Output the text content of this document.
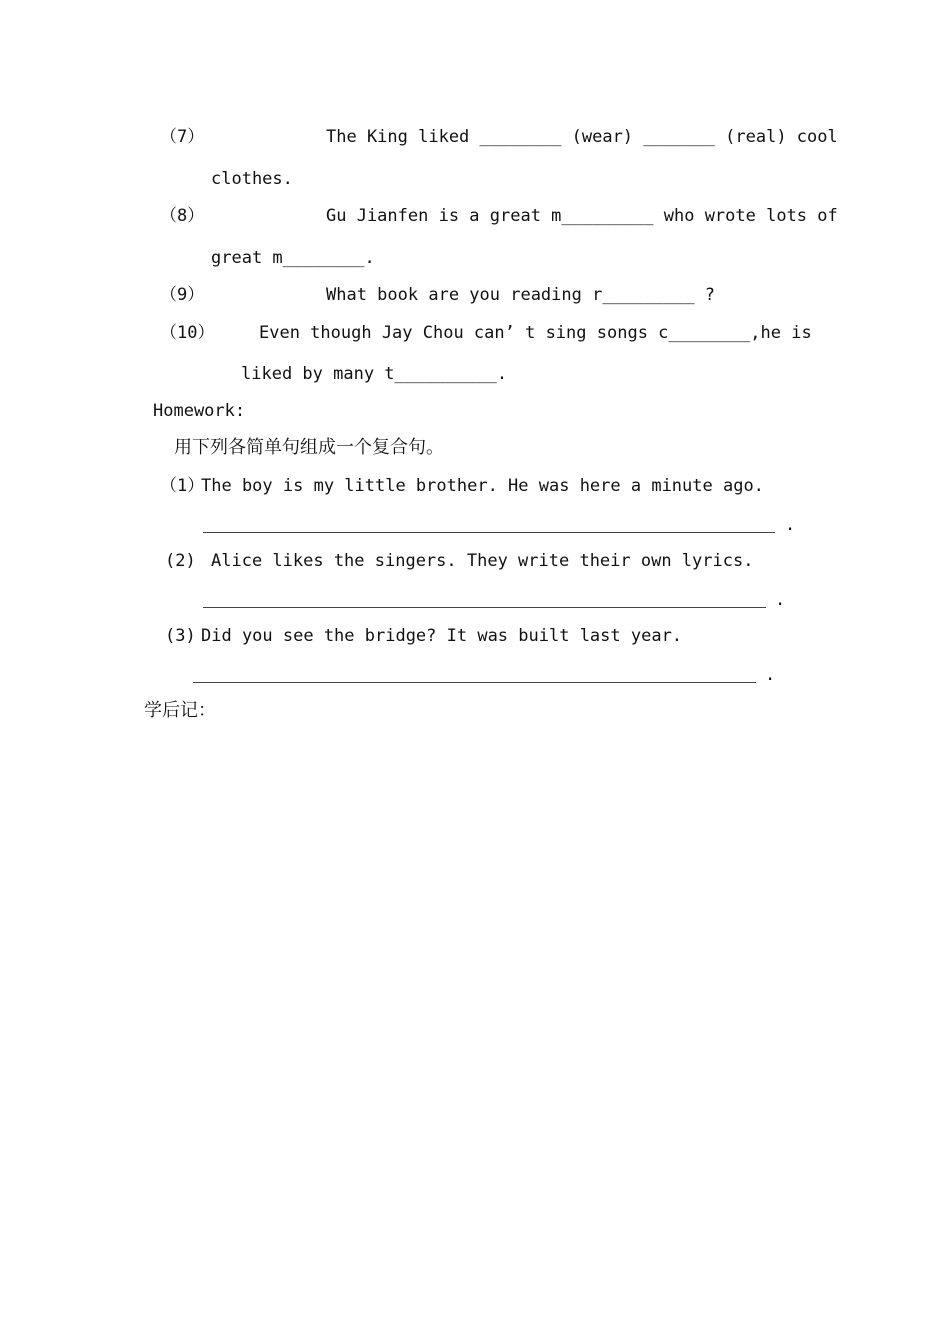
（7）	The King liked ________ (wear) _______ (real) cool
clothes.
（8）	Gu Jianfen is a great m_________ who wrote lots of
great m________.
（9）	What book are you reading r_________ ?
（10）	Even though Jay Chou can’ t sing songs c________,he is
liked by many t__________.
Homework:
用下列各简单句组成一个复合句。
（1）
The boy is my little brother. He was here a minute ago.
.
(2) Alice likes the singers. They write their own lyrics.
.
(3) Did you see the bridge? It was built last year.
.
学后记：
